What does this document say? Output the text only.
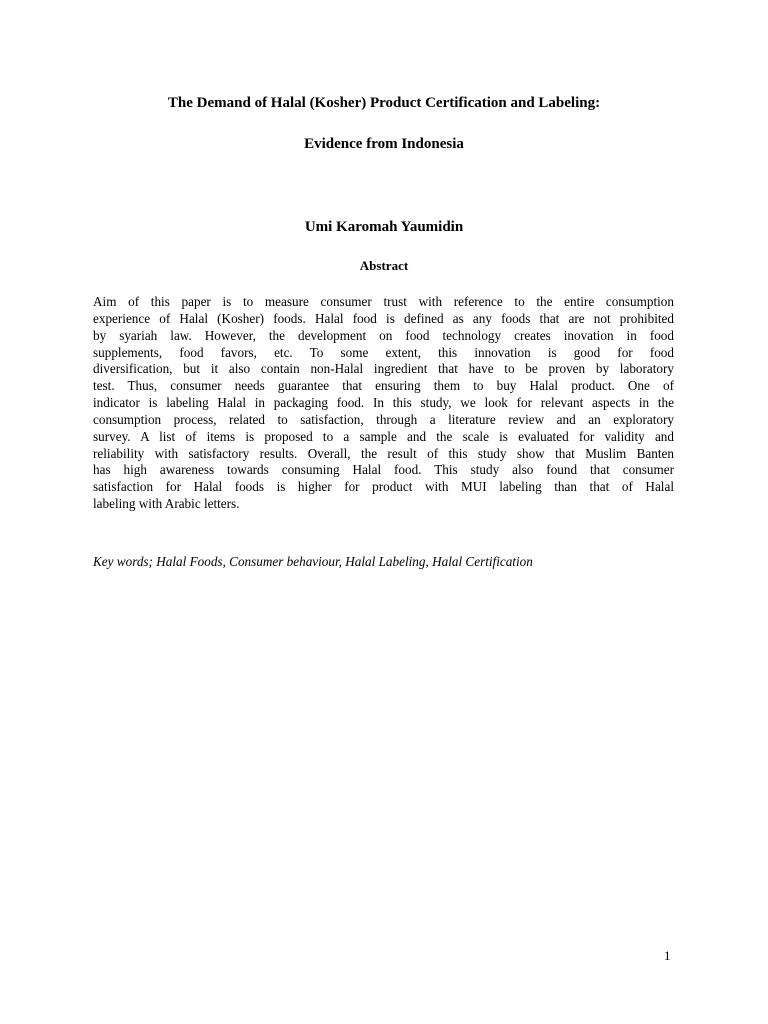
The Demand of Halal (Kosher) Product Certification and Labeling:

Evidence from Indonesia

Umi Karomah Yaumidin

Abstract

Aim of this paper is to measure consumer trust with reference to the entire consumption
experience of Halal (Kosher) foods. Halal food is defined as any foods that are not prohibited
by syariah law. However, the development on food technology creates inovation in food
supplements, food favors, etc. To some extent, this innovation is good for food
diversification, but it also contain non-Halal ingredient that have to be proven by laboratory
test. Thus, consumer needs guarantee that ensuring them to buy Halal product. One of
indicator is labeling Halal in packaging food. In this study, we look for relevant aspects in the
consumption process, related to satisfaction, through a literature review and an exploratory
survey. A list of items is proposed to a sample and the scale is evaluated for validity and
reliability with satisfactory results. Overall, the result of this study show that Muslim Banten
has high awareness towards consuming Halal food. This study also found that consumer
satisfaction for Halal foods is higher for product with MUI labeling than that of Halal
labeling with Arabic letters.

Key words; Halal Foods, Consumer behaviour, Halal Labeling, Halal Certification

1
